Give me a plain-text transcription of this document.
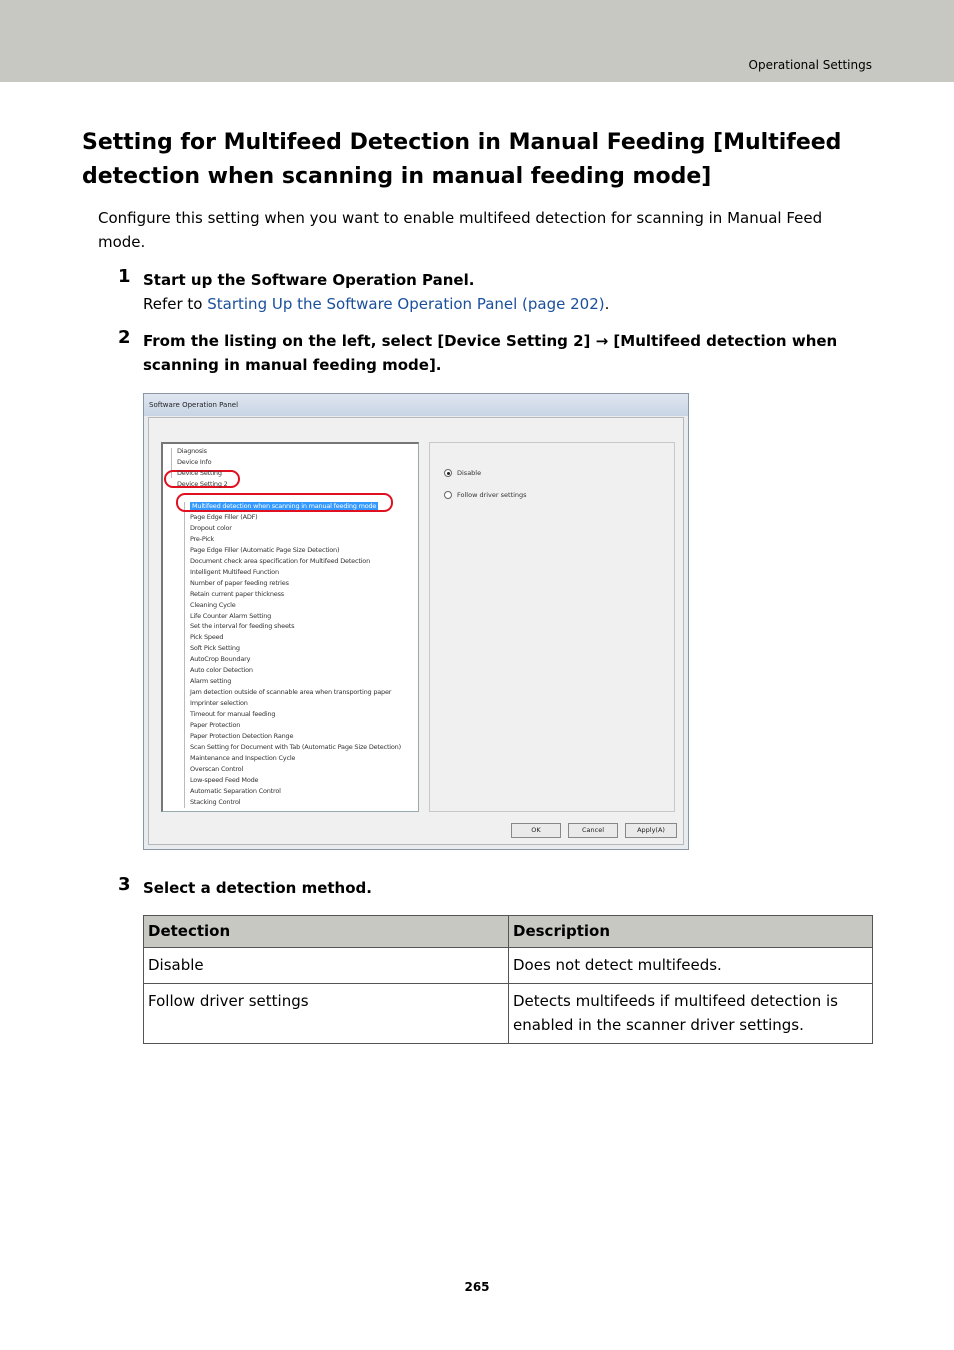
Operational Settings
Setting for Multifeed Detection in Manual Feeding [Multifeed detection when scanning in manual feeding mode]

Configure this setting when you want to enable multifeed detection for scanning in Manual Feed mode.

1 Start up the Software Operation Panel.
Refer to Starting Up the Software Operation Panel (page 202).
2 From the listing on the left, select [Device Setting 2] → [Multifeed detection when scanning in manual feeding mode].
Software Operation Panel
Diagnosis
Device Info
Device Setting
Device Setting 2
Multifeed detection when scanning in manual feeding mode
Page Edge Filler (ADF)
Dropout color
Pre-Pick
Page Edge Filler (Automatic Page Size Detection)
Document check area specification for Multifeed Detection
Intelligent Multifeed Function
Number of paper feeding retries
Retain current paper thickness
Cleaning Cycle
Life Counter Alarm Setting
Set the interval for feeding sheets
Pick Speed
Soft Pick Setting
AutoCrop Boundary
Auto color Detection
Alarm setting
Jam detection outside of scannable area when transporting paper
Imprinter selection
Timeout for manual feeding
Paper Protection
Paper Protection Detection Range
Scan Setting for Document with Tab (Automatic Page Size Detection)
Maintenance and Inspection Cycle
Overscan Control
Low-speed Feed Mode
Automatic Separation Control
Stacking Control
Disable
Follow driver settings
OK	Cancel	Apply(A)
3 Select a detection method.
Detection	Description
Disable	Does not detect multifeeds.
Follow driver settings	Detects multifeeds if multifeed detection is enabled in the scanner driver settings.
265
